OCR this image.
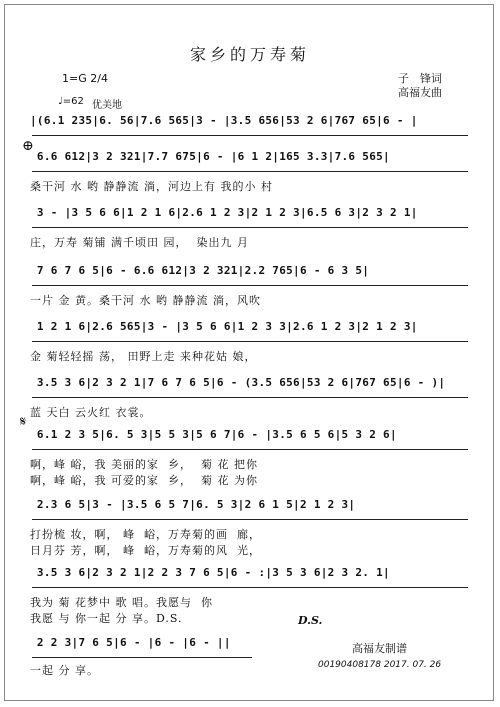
家乡的万寿菊
子　锋词
高福友曲
1=G 2/4
♩=62 优美地
|(6.1 235|6. 56|7.6 565|3 - |3.5 656|53 2 6|767 65|6 - |
⊕
6.6 612|3 2 321|7.7 675|6 - |6 1 2|165 3.3|7.6 565|
桑干河 水 哟 静静流 淌，河边上有 我的小 村
3 - |3 5 6 6|1 2 1 6|2.6 1 2 3|2 1 2 3|6.5 6 3|2 3 2 1|
庄，万寿 菊铺 满千顷田 园，  染出九 月
7 6 7 6 5|6 - 6.6 612|3 2 321|2.2 765|6 - 6 3 5|
一片 金 黄。桑干河 水 哟 静静流 淌，风吹
1 2 1 6|2.6 565|3 - |3 5 6 6|1 2 3 3|2.6 1 2 3|2 1 2 3|
金 菊轻轻摇 荡， 田野上走 来种花姑 娘，
3.5 3 6|2 3 2 1|7 6 7 6 5|6 - (3.5 656|53 2 6|767 65|6 - )|
蓝 天白 云火红 衣裳。
𝄋
6.1 2 3 5|6. 5 3|5 5 3|5 6 7|6 - |3.5 6 5 6|5 3 2 6|
啊，峰 峪，我 美丽的家  乡，  菊 花 把你
啊，峰 峪，我 可爱的家  乡，  菊 花 为你
2.3 6 5|3 - |3.5 6 5 7|6. 5 3|2 6 1 5|2 1 2 3|
打扮梳 妆，啊， 峰  峪，万寿菊的画  廊，
日月芬 芳，啊， 峰  峪，万寿菊的风  光，
3.5 3 6|2 3 2 1|2 2 3 7 6 5|6 - :|3 5 3 6|2 3 2. 1|
我为 菊 花梦中 歌 唱。我愿与  你
我愿 与 你一起 分 享。D.S.
2 2 3|7 6 5|6 - |6 - |6 - ||
一起 分 享。
D.S.
高福友制谱
00190408178 2017. 07. 26
